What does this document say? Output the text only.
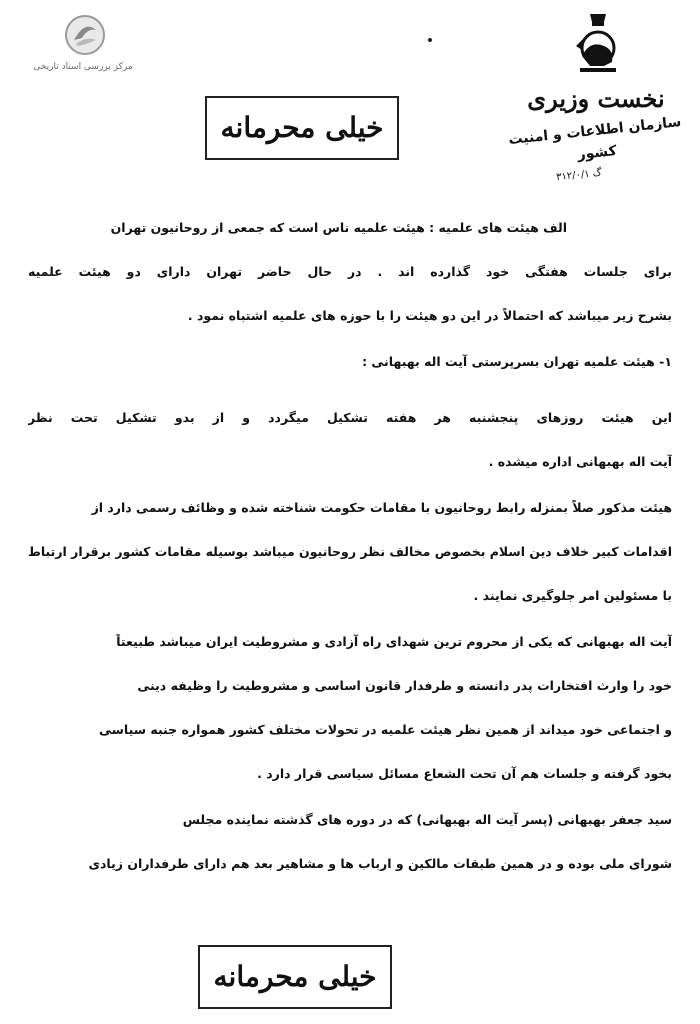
مرکز بررسی اسناد تاریخی
نخست وزیری
سازمان اطلاعات و امنیت کشور
۳۱۲/۰/۱ گ
خیلی محرمانه
الف هیئت های علمیه : هیئت علمیه ناس است که جمعی از روحانیون تهران
برای جلسات هفتگی خود گذارده اند . در حال حاضر تهران دارای دو هیئت علمیه
بشرح زیر میباشد که احتمالاً در این دو هیئت را با حوزه های علمیه اشتباه نمود .
۱- هیئت علمیه تهران بسرپرستی آیت اله بهبهانی :
این هیئت روزهای پنجشنبه هر هفته تشکیل میگردد و از بدو تشکیل تحت نظر
آیت اله بهبهانی اداره میشده .
هیئت مذکور صلاً بمنزله رابط روحانیون با مقامات حکومت شناخته شده و وظائف رسمی دارد از
اقدامات کبیر خلاف دین اسلام بخصوص مخالف نظر روحانیون میباشد بوسیله مقامات کشور برقرار ارتباط
با مسئولین امر جلوگیری نمایند .
آیت اله بهبهانی که یکی از محروم ترین شهدای راه آزادی و مشروطیت ایران میباشد طبیعتاً
خود را وارث افتخارات پدر دانسته و طرفدار قانون اساسی و مشروطیت را وظیفه دینی
و اجتماعی خود میداند از همین نظر هیئت علمیه در تحولات مختلف کشور همواره جنبه سیاسی
بخود گرفته و جلسات هم آن تحت الشعاع مسائل سیاسی قرار دارد .
سید جعفر بهبهانی (پسر آیت اله بهبهانی) که در دوره های گذشته نماینده مجلس
شورای ملی بوده و در همین طبقات مالکین و ارباب ها و مشاهیر بعد هم دارای طرفداران زیادی
خیلی محرمانه
